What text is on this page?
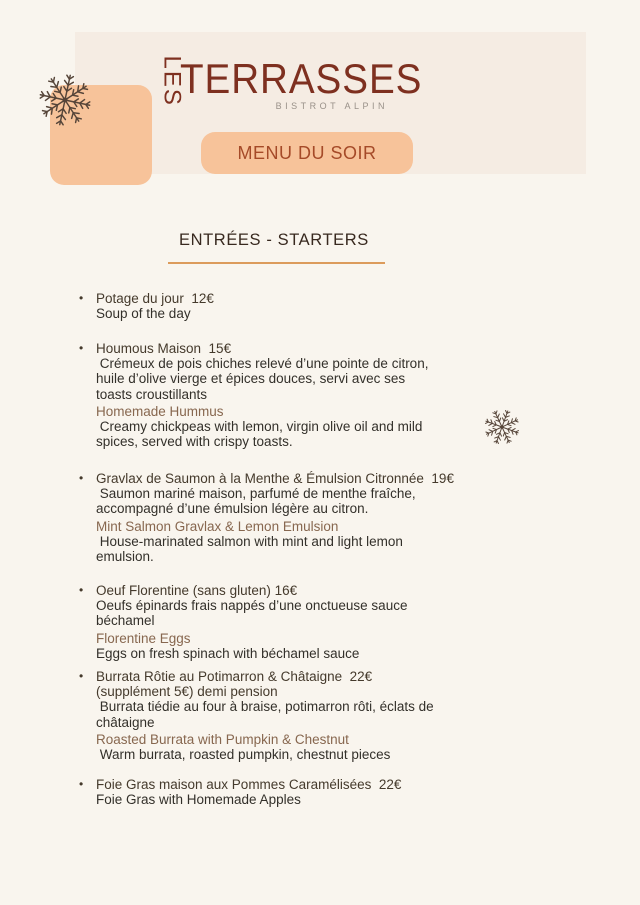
LES
TERRASSES
BISTROT ALPIN
MENU DU SOIR
ENTRÉES - STARTERS
• Potage du jour  12€
Soup of the day
• Houmous Maison  15€
Crémeux de pois chiches relevé d’une pointe de citron,
huile d’olive vierge et épices douces, servi avec ses
toasts croustillants
Homemade Hummus
Creamy chickpeas with lemon, virgin olive oil and mild
spices, served with crispy toasts.
• Gravlax de Saumon à la Menthe & Émulsion Citronnée  19€
Saumon mariné maison, parfumé de menthe fraîche,
accompagné d’une émulsion légère au citron.
Mint Salmon Gravlax & Lemon Emulsion
House-marinated salmon with mint and light lemon
emulsion.
• Oeuf Florentine (sans gluten) 16€
Oeufs épinards frais nappés d’une onctueuse sauce
béchamel
Florentine Eggs
Eggs on fresh spinach with béchamel sauce
• Burrata Rôtie au Potimarron & Châtaigne  22€
(supplément 5€) demi pension
Burrata tiédie au four à braise, potimarron rôti, éclats de
châtaigne
Roasted Burrata with Pumpkin & Chestnut
Warm burrata, roasted pumpkin, chestnut pieces
• Foie Gras maison aux Pommes Caramélisées  22€
Foie Gras with Homemade Apples
